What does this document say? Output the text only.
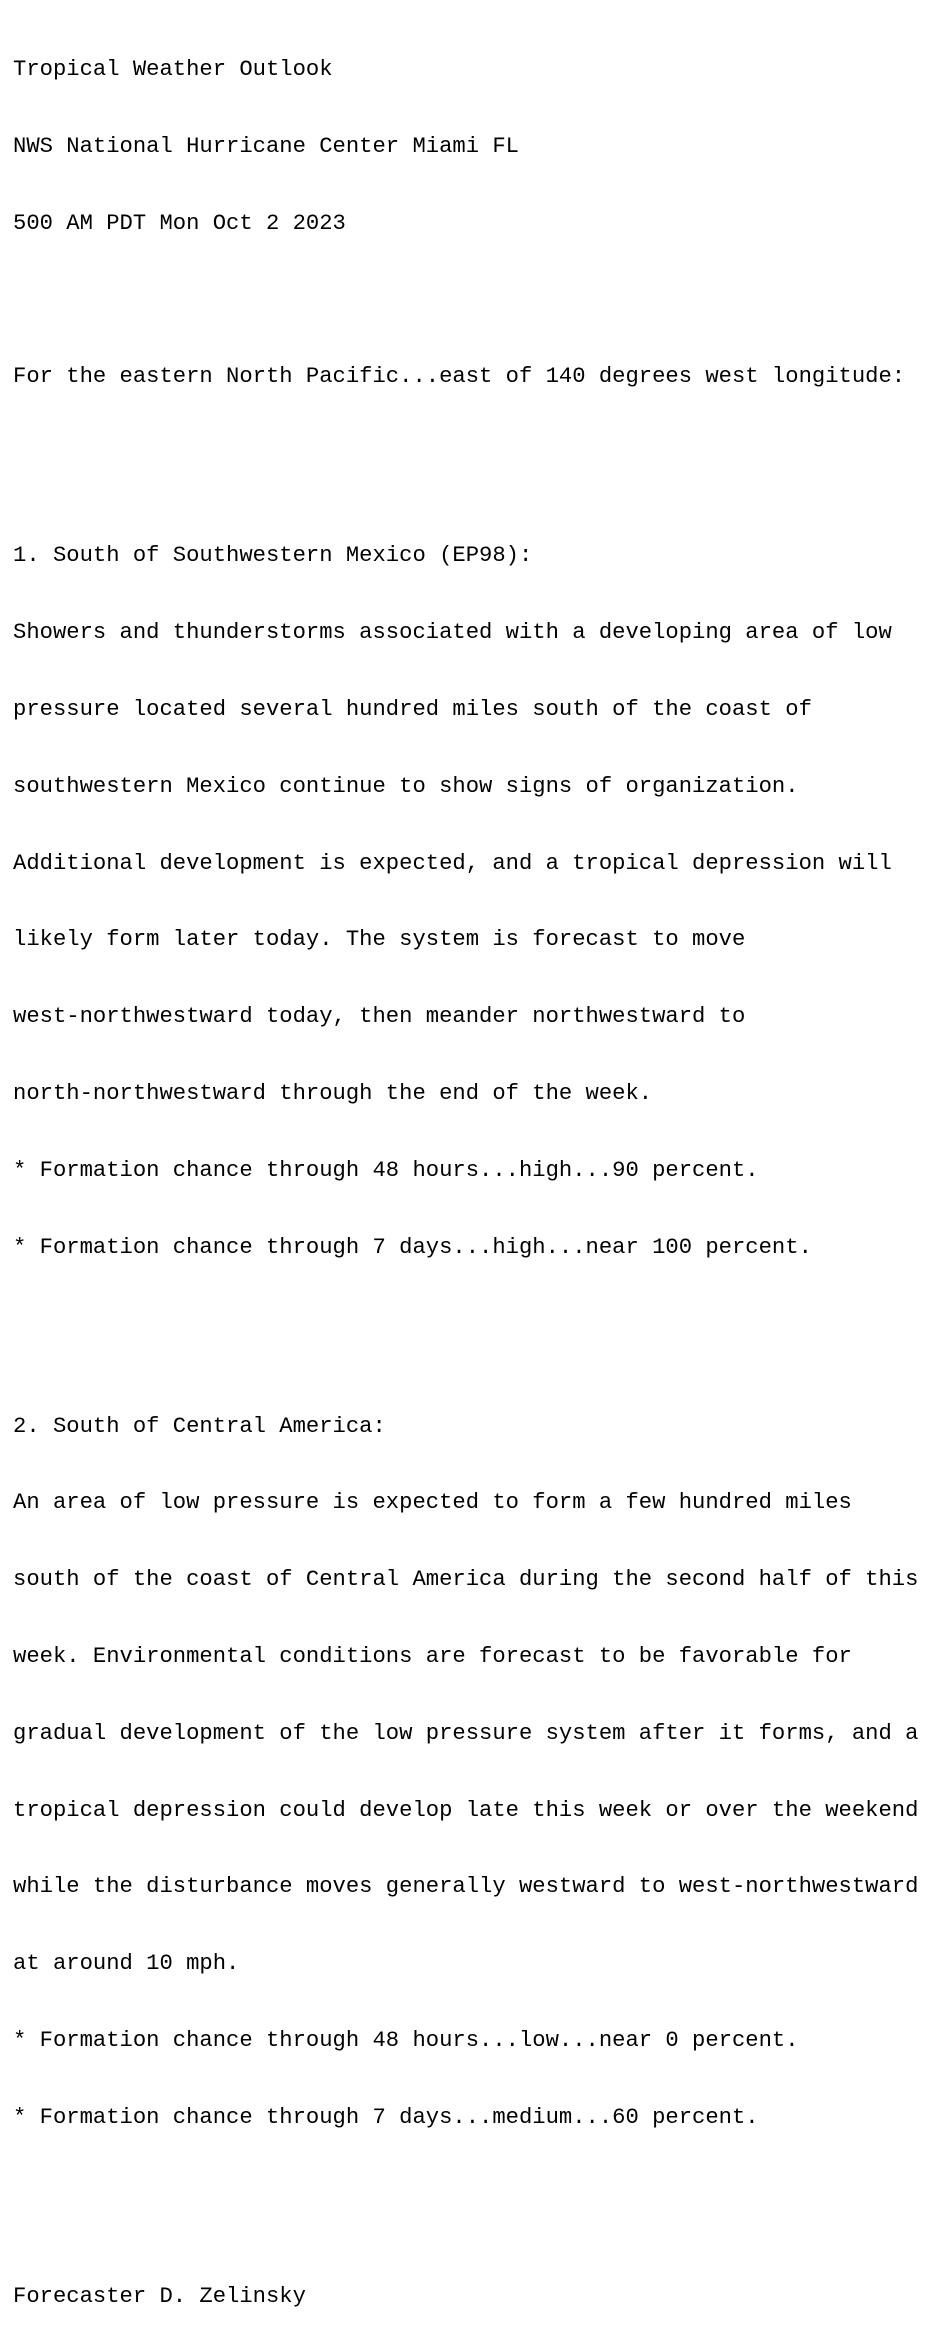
Tropical Weather Outlook

NWS National Hurricane Center Miami FL

500 AM PDT Mon Oct 2 2023

For the eastern North Pacific...east of 140 degrees west longitude:

1. South of Southwestern Mexico (EP98):

Showers and thunderstorms associated with a developing area of low

pressure located several hundred miles south of the coast of

southwestern Mexico continue to show signs of organization.

Additional development is expected, and a tropical depression will

likely form later today. The system is forecast to move

west-northwestward today, then meander northwestward to

north-northwestward through the end of the week.

* Formation chance through 48 hours...high...90 percent.

* Formation chance through 7 days...high...near 100 percent.

2. South of Central America:

An area of low pressure is expected to form a few hundred miles

south of the coast of Central America during the second half of this

week. Environmental conditions are forecast to be favorable for

gradual development of the low pressure system after it forms, and a

tropical depression could develop late this week or over the weekend

while the disturbance moves generally westward to west-northwestward

at around 10 mph.

* Formation chance through 48 hours...low...near 0 percent.

* Formation chance through 7 days...medium...60 percent.

Forecaster D. Zelinsky
